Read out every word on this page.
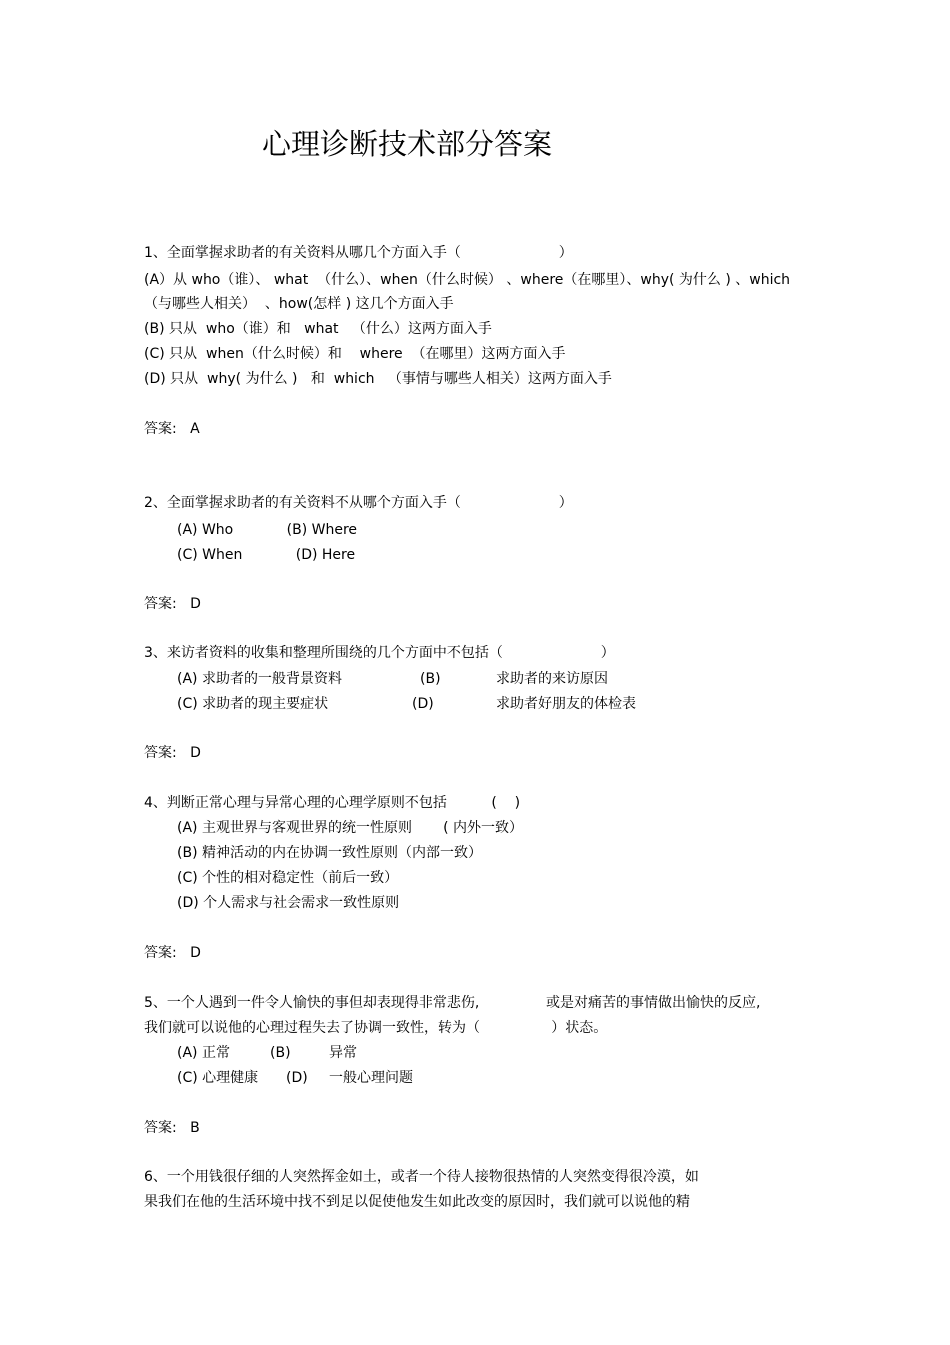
心理诊断技术部分答案
1、全面掌握求助者的有关资料从哪几个方面入手（                      ）
(A）从 who（谁）、 what  （什么）、when（什么时候） 、where（在哪里）、why( 为什么 ) 、which
（与哪些人相关）  、how(怎样 ) 这几个方面入手
(B) 只从  who（谁）和   what   （什么）这两方面入手
(C) 只从  when（什么时候）和    where  （在哪里）这两方面入手
(D) 只从  why( 为什么 )   和  which   （事情与哪些人相关）这两方面入手
答案:   A
2、全面掌握求助者的有关资料不从哪个方面入手（                      ）
(A) Who            (B) Where
(C) When            (D) Here
答案:   D
3、来访者资料的收集和整理所围绕的几个方面中不包括（                      ）
(A) 求助者的一般背景资料	(B)	求助者的来访原因
(C) 求助者的现主要症状	(D)	求助者好朋友的体检表
答案:   D
4、判断正常心理与异常心理的心理学原则不包括          (    )
(A) 主观世界与客观世界的统一性原则       ( 内外一致）
(B) 精神活动的内在协调一致性原则（内部一致）
(C) 个性的相对稳定性（前后一致）
(D) 个人需求与社会需求一致性原则
答案:   D
5、一个人遇到一件令人愉快的事但却表现得非常悲伤,	或是对痛苦的事情做出愉快的反应,
我们就可以说他的心理过程失去了协调一致性，转为（                ）状态。
(A) 正常	(B)	异常
(C) 心理健康 (D) 一般心理问题
答案:   B
6、一个用钱很仔细的人突然挥金如土，或者一个待人接物很热情的人突然变得很冷漠，如
果我们在他的生活环境中找不到足以促使他发生如此改变的原因时，我们就可以说他的精
